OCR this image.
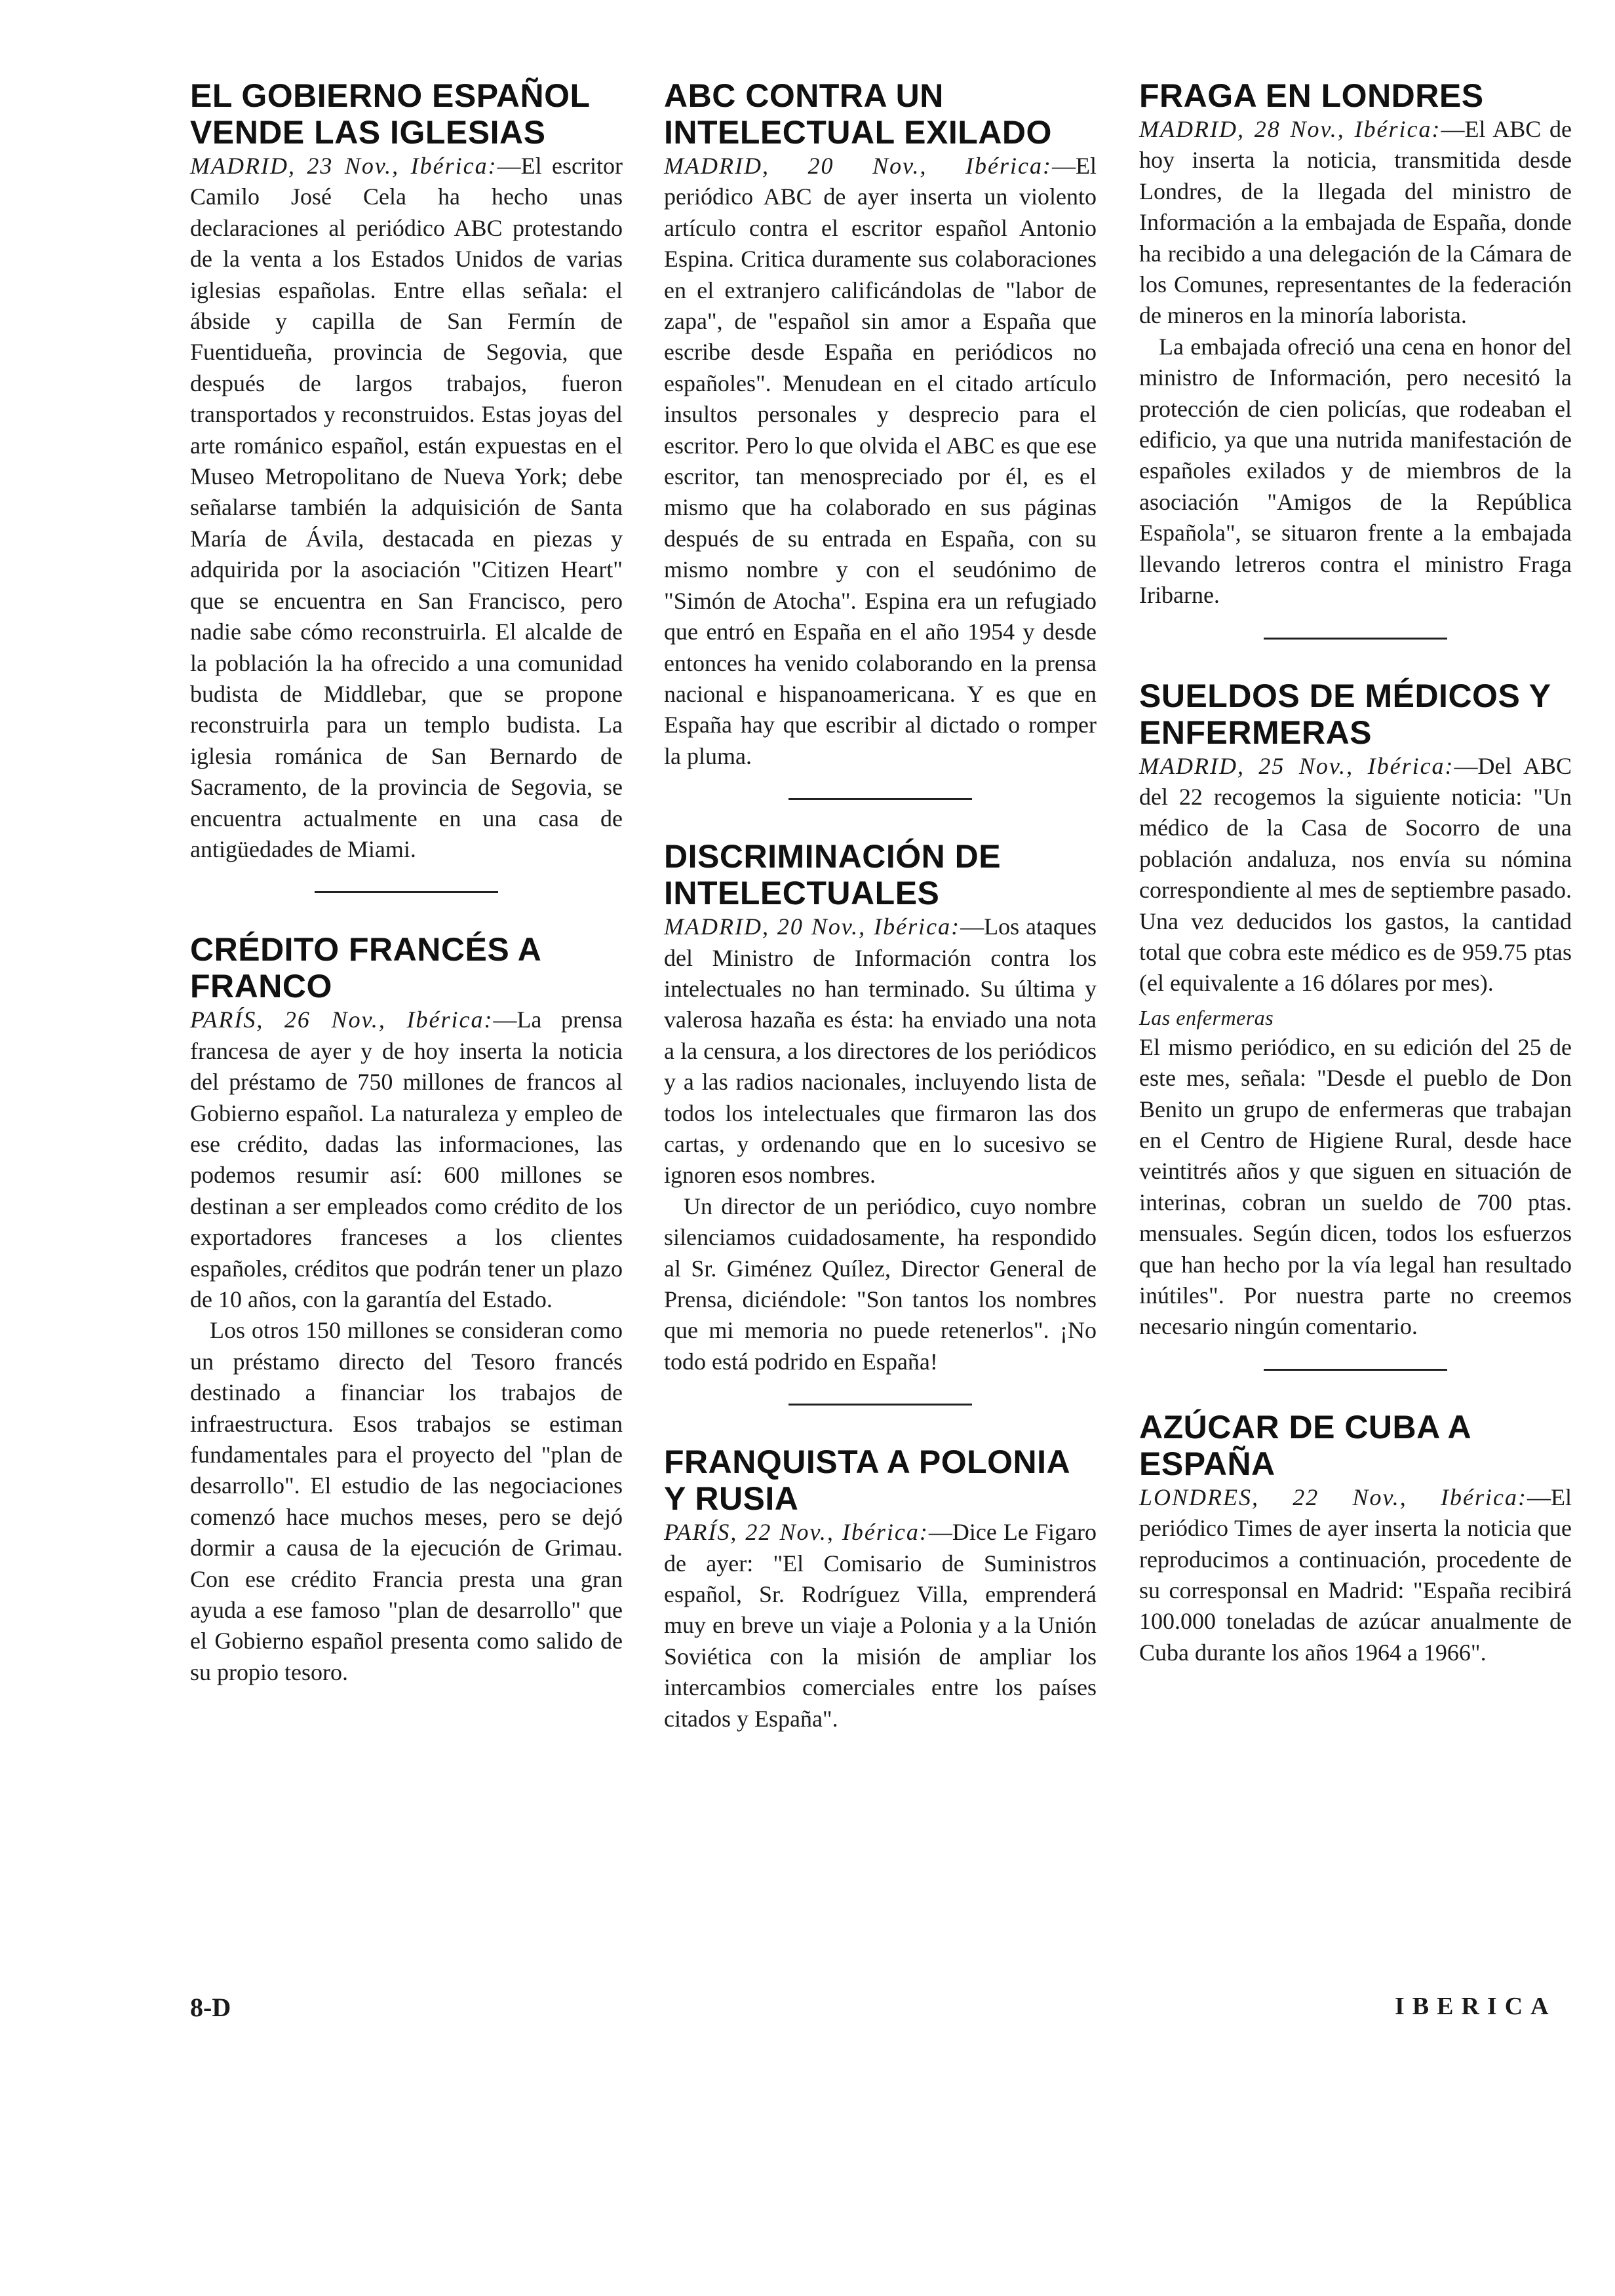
EL GOBIERNO ESPAÑOL VENDE LAS IGLESIAS

MADRID, 23 Nov., Ibérica:—El escritor Camilo José Cela ha hecho unas declaraciones al periódico ABC protestando de la venta a los Estados Unidos de varias iglesias españolas. Entre ellas señala: el ábside y capilla de San Fermín de Fuentidueña, provincia de Segovia, que después de largos trabajos, fueron transportados y reconstruidos. Estas joyas del arte románico español, están expuestas en el Museo Metropolitano de Nueva York; debe señalarse también la adquisición de Santa María de Ávila, destacada en piezas y adquirida por la asociación "Citizen Heart" que se encuentra en San Francisco, pero nadie sabe cómo reconstruirla. El alcalde de la población la ha ofrecido a una comunidad budista de Middlebar, que se propone reconstruirla para un templo budista. La iglesia románica de San Bernardo de Sacramento, de la provincia de Segovia, se encuentra actualmente en una casa de antigüedades de Miami.

CRÉDITO FRANCÉS A FRANCO

PARÍS, 26 Nov., Ibérica:—La prensa francesa de ayer y de hoy inserta la noticia del préstamo de 750 millones de francos al Gobierno español. La naturaleza y empleo de ese crédito, dadas las informaciones, las podemos resumir así: 600 millones se destinan a ser empleados como crédito de los exportadores franceses a los clientes españoles, créditos que podrán tener un plazo de 10 años, con la garantía del Estado.

Los otros 150 millones se consideran como un préstamo directo del Tesoro francés destinado a financiar los trabajos de infraestructura. Esos trabajos se estiman fundamentales para el proyecto del "plan de desarrollo". El estudio de las negociaciones comenzó hace muchos meses, pero se dejó dormir a causa de la ejecución de Grimau. Con ese crédito Francia presta una gran ayuda a ese famoso "plan de desarrollo" que el Gobierno español presenta como salido de su propio tesoro.

ABC CONTRA UN INTELECTUAL EXILADO

MADRID, 20 Nov., Ibérica:—El periódico ABC de ayer inserta un violento artículo contra el escritor español Antonio Espina. Critica duramente sus colaboraciones en el extranjero calificándolas de "labor de zapa", de "español sin amor a España que escribe desde España en periódicos no españoles". Menudean en el citado artículo insultos personales y desprecio para el escritor. Pero lo que olvida el ABC es que ese escritor, tan menospreciado por él, es el mismo que ha colaborado en sus páginas después de su entrada en España, con su mismo nombre y con el seudónimo de "Simón de Atocha". Espina era un refugiado que entró en España en el año 1954 y desde entonces ha venido colaborando en la prensa nacional e hispanoamericana. Y es que en España hay que escribir al dictado o romper la pluma.

DISCRIMINACIÓN DE INTELECTUALES

MADRID, 20 Nov., Ibérica:—Los ataques del Ministro de Información contra los intelectuales no han terminado. Su última y valerosa hazaña es ésta: ha enviado una nota a la censura, a los directores de los periódicos y a las radios nacionales, incluyendo lista de todos los intelectuales que firmaron las dos cartas, y ordenando que en lo sucesivo se ignoren esos nombres.

Un director de un periódico, cuyo nombre silenciamos cuidadosamente, ha respondido al Sr. Giménez Quílez, Director General de Prensa, diciéndole: "Son tantos los nombres que mi memoria no puede retenerlos". ¡No todo está podrido en España!

FRANQUISTA A POLONIA Y RUSIA

PARÍS, 22 Nov., Ibérica:—Dice Le Figaro de ayer: "El Comisario de Suministros español, Sr. Rodríguez Villa, emprenderá muy en breve un viaje a Polonia y a la Unión Soviética con la misión de ampliar los intercambios comerciales entre los países citados y España".

FRAGA EN LONDRES

MADRID, 28 Nov., Ibérica:—El ABC de hoy inserta la noticia, transmitida desde Londres, de la llegada del ministro de Información a la embajada de España, donde ha recibido a una delegación de la Cámara de los Comunes, representantes de la federación de mineros en la minoría laborista.

La embajada ofreció una cena en honor del ministro de Información, pero necesitó la protección de cien policías, que rodeaban el edificio, ya que una nutrida manifestación de españoles exilados y de miembros de la asociación "Amigos de la República Española", se situaron frente a la embajada llevando letreros contra el ministro Fraga Iribarne.

SUELDOS DE MÉDICOS Y ENFERMERAS

MADRID, 25 Nov., Ibérica:—Del ABC del 22 recogemos la siguiente noticia: "Un médico de la Casa de Socorro de una población andaluza, nos envía su nómina correspondiente al mes de septiembre pasado. Una vez deducidos los gastos, la cantidad total que cobra este médico es de 959.75 ptas (el equivalente a 16 dólares por mes).

Las enfermeras

El mismo periódico, en su edición del 25 de este mes, señala: "Desde el pueblo de Don Benito un grupo de enfermeras que trabajan en el Centro de Higiene Rural, desde hace veintitrés años y que siguen en situación de interinas, cobran un sueldo de 700 ptas. mensuales. Según dicen, todos los esfuerzos que han hecho por la vía legal han resultado inútiles". Por nuestra parte no creemos necesario ningún comentario.

AZÚCAR DE CUBA A ESPAÑA

LONDRES, 22 Nov., Ibérica:—El periódico Times de ayer inserta la noticia que reproducimos a continuación, procedente de su corresponsal en Madrid: "España recibirá 100.000 toneladas de azúcar anualmente de Cuba durante los años 1964 a 1966".

8-D	IBERICA
